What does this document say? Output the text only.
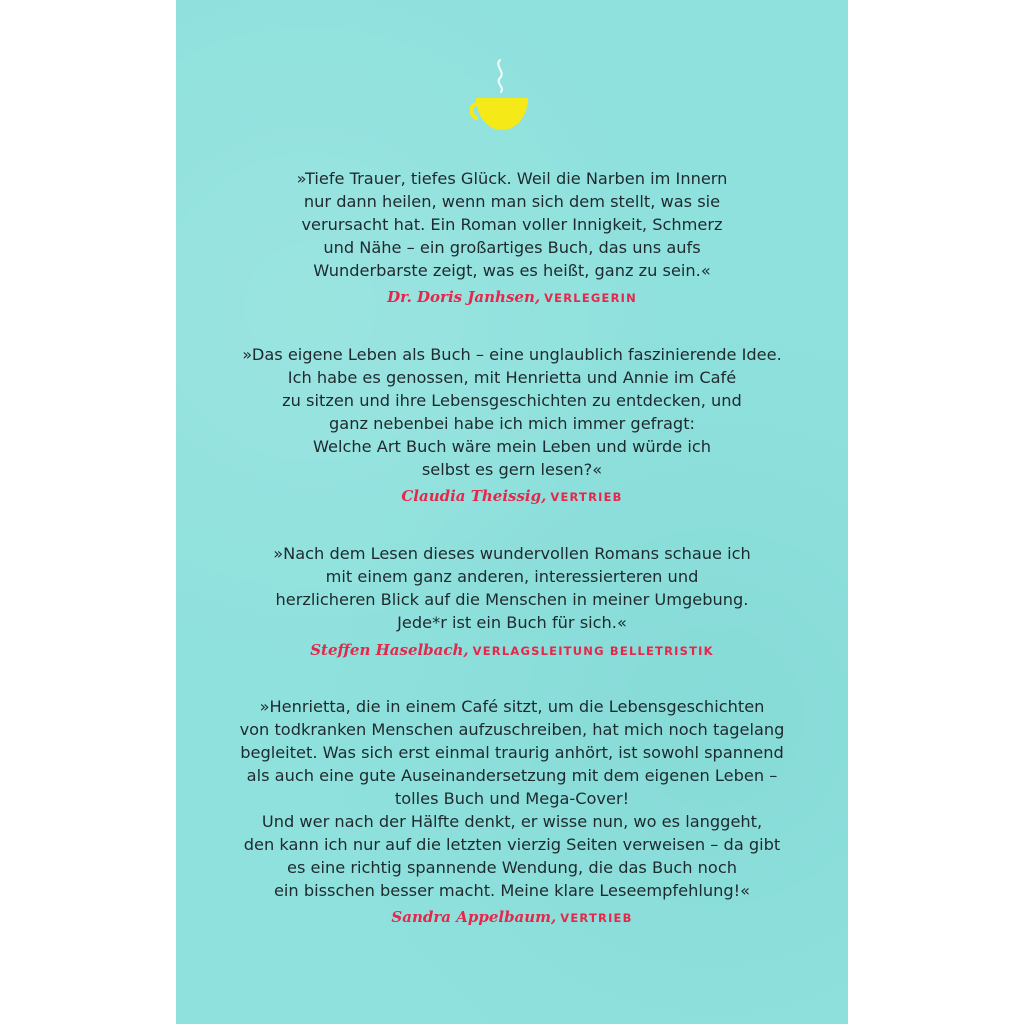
»Tiefe Trauer, tiefes Glück. Weil die Narben im Innern
nur dann heilen, wenn man sich dem stellt, was sie
verursacht hat. Ein Roman voller Innigkeit, Schmerz
und Nähe – ein großartiges Buch, das uns aufs
Wunderbarste zeigt, was es heißt, ganz zu sein.«
Dr. Doris Janhsen, VERLEGERIN
»Das eigene Leben als Buch – eine unglaublich faszinierende Idee.
Ich habe es genossen, mit Henrietta und Annie im Café
zu sitzen und ihre Lebensgeschichten zu entdecken, und
ganz nebenbei habe ich mich immer gefragt:
Welche Art Buch wäre mein Leben und würde ich
selbst es gern lesen?«
Claudia Theissig, VERTRIEB
»Nach dem Lesen dieses wundervollen Romans schaue ich
mit einem ganz anderen, interessierteren und
herzlicheren Blick auf die Menschen in meiner Umgebung.
Jede*r ist ein Buch für sich.«
Steffen Haselbach, VERLAGSLEITUNG BELLETRISTIK
»Henrietta, die in einem Café sitzt, um die Lebensgeschichten
von todkranken Menschen aufzuschreiben, hat mich noch tagelang
begleitet. Was sich erst einmal traurig anhört, ist sowohl spannend
als auch eine gute Auseinandersetzung mit dem eigenen Leben –
tolles Buch und Mega-Cover!
Und wer nach der Hälfte denkt, er wisse nun, wo es langgeht,
den kann ich nur auf die letzten vierzig Seiten verweisen – da gibt
es eine richtig spannende Wendung, die das Buch noch
ein bisschen besser macht. Meine klare Leseempfehlung!«
Sandra Appelbaum, VERTRIEB
